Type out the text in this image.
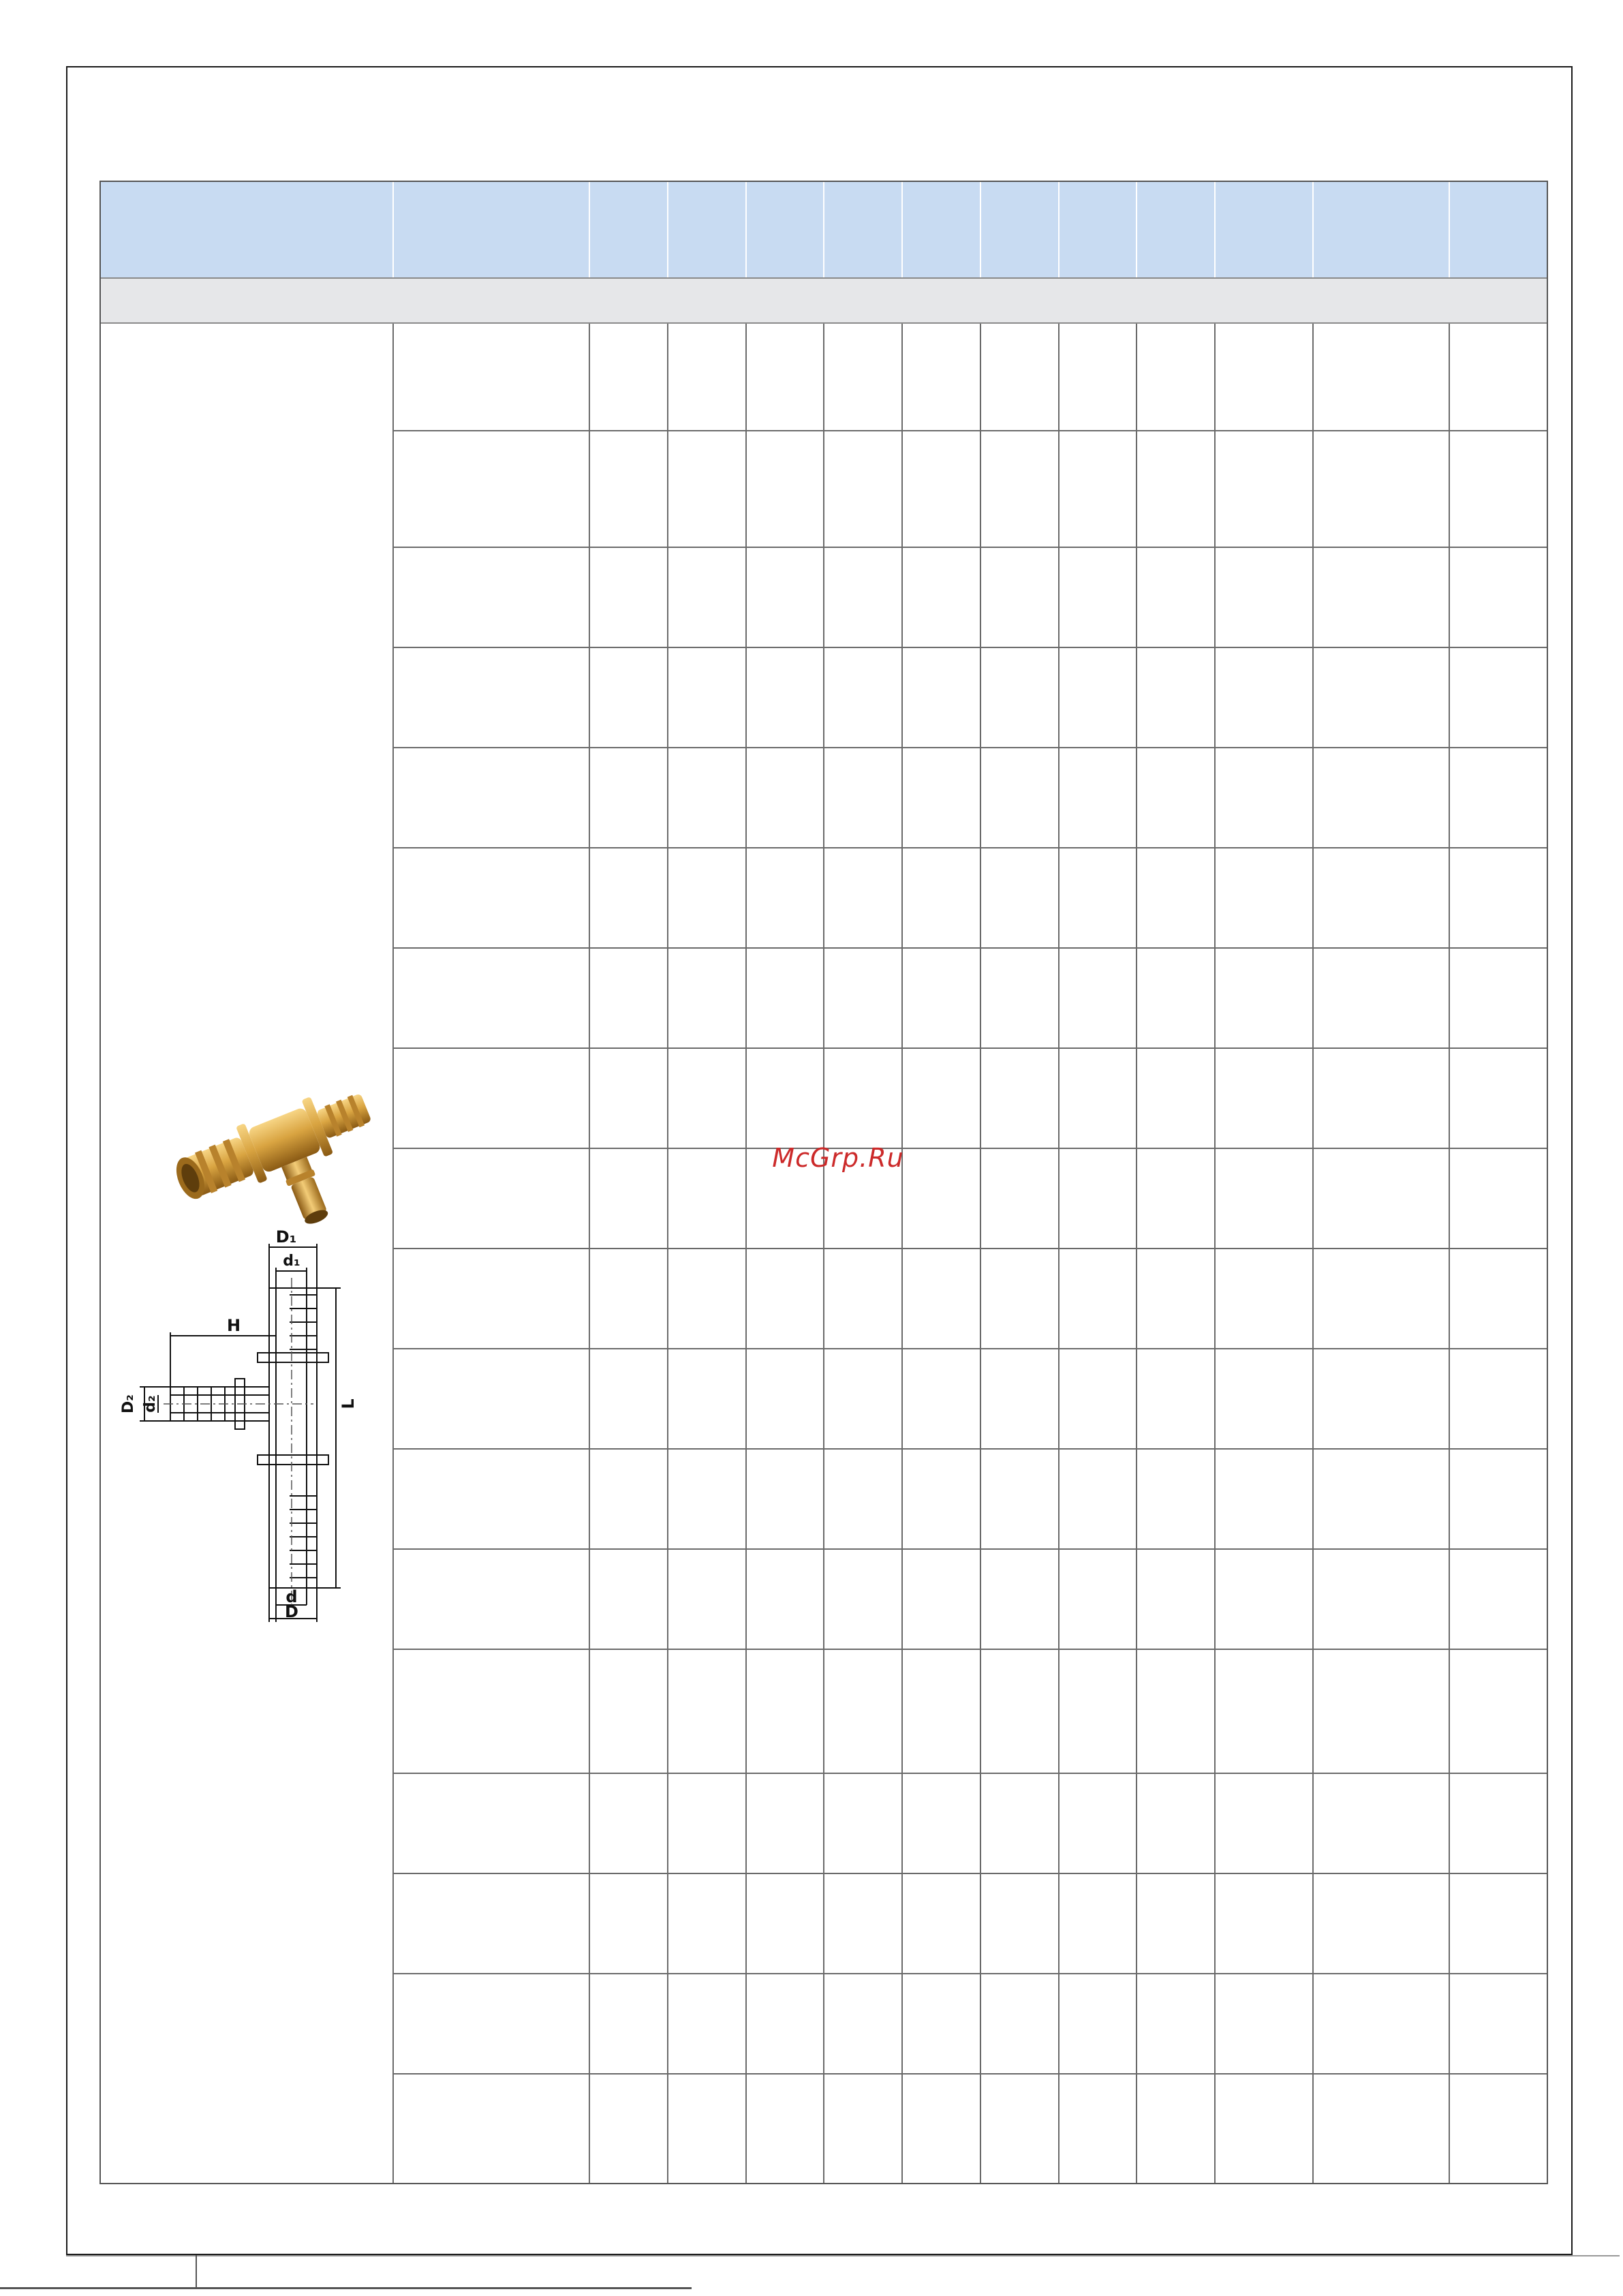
D₁
d₁
H
D₂ d₂	L
d
D
McGrp.Ru
